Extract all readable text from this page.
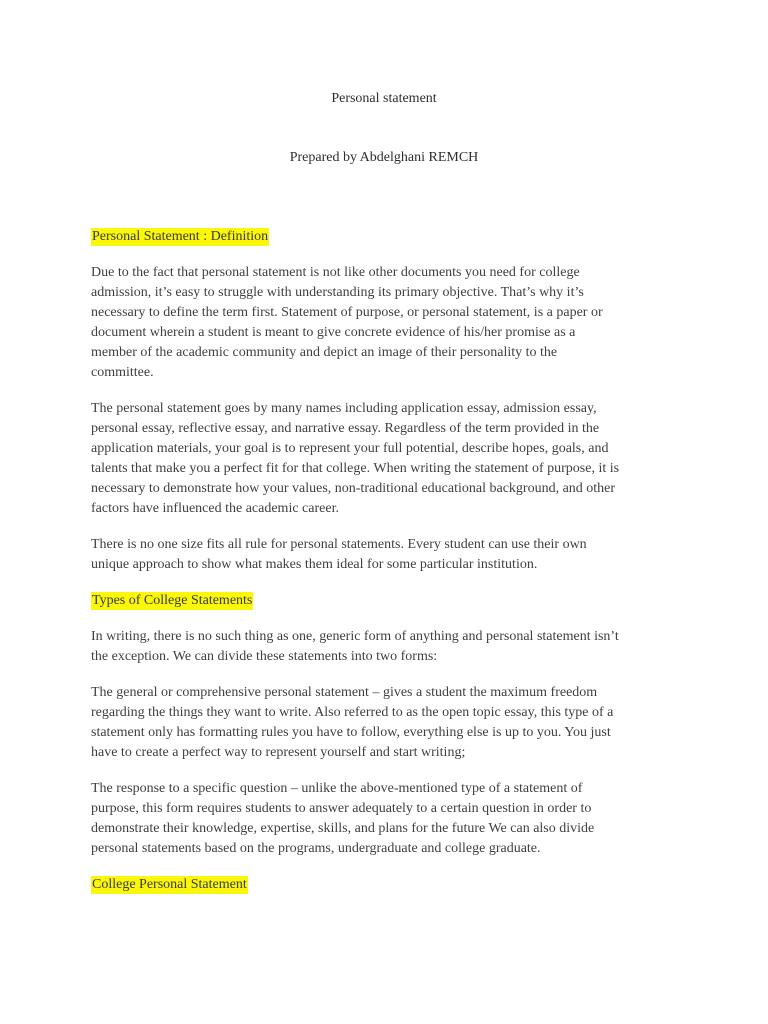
Personal statement
Prepared by Abdelghani REMCH
Personal Statement : Definition

Due to the fact that personal statement is not like other documents you need for college
admission, it’s easy to struggle with understanding its primary objective. That’s why it’s
necessary to define the term first. Statement of purpose, or personal statement, is a paper or
document wherein a student is meant to give concrete evidence of his/her promise as a
member of the academic community and depict an image of their personality to the
committee.

The personal statement goes by many names including application essay, admission essay,
personal essay, reflective essay, and narrative essay. Regardless of the term provided in the
application materials, your goal is to represent your full potential, describe hopes, goals, and
talents that make you a perfect fit for that college. When writing the statement of purpose, it is
necessary to demonstrate how your values, non-traditional educational background, and other
factors have influenced the academic career.

There is no one size fits all rule for personal statements. Every student can use their own
unique approach to show what makes them ideal for some particular institution.

Types of College Statements

In writing, there is no such thing as one, generic form of anything and personal statement isn’t
the exception. We can divide these statements into two forms:

The general or comprehensive personal statement – gives a student the maximum freedom
regarding the things they want to write. Also referred to as the open topic essay, this type of a
statement only has formatting rules you have to follow, everything else is up to you. You just
have to create a perfect way to represent yourself and start writing;

The response to a specific question – unlike the above-mentioned type of a statement of
purpose, this form requires students to answer adequately to a certain question in order to
demonstrate their knowledge, expertise, skills, and plans for the future We can also divide
personal statements based on the programs, undergraduate and college graduate.

College Personal Statement
